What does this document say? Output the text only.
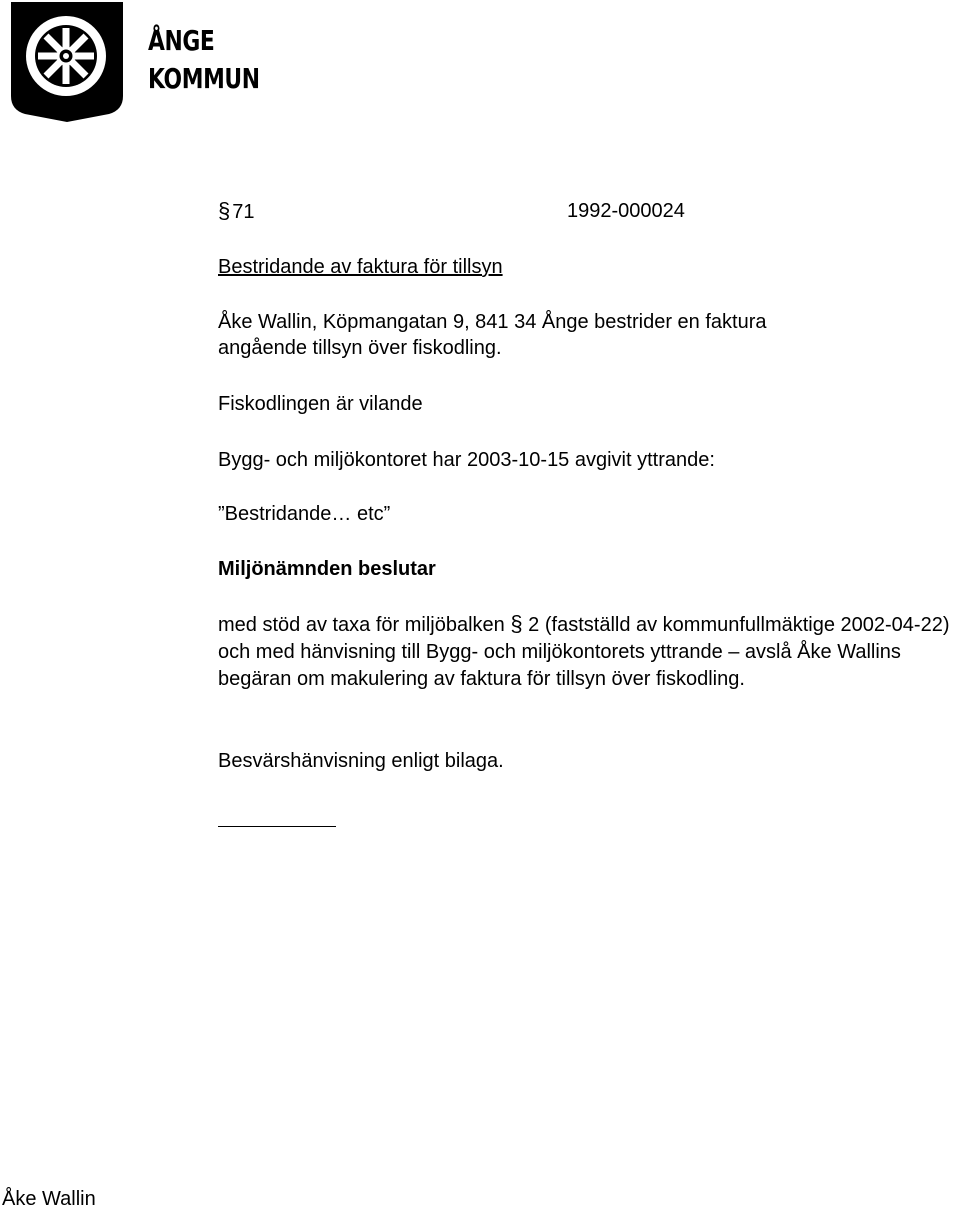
ÅNGE
KOMMUN
§ 71	1992-000024
Bestridande av faktura för tillsyn
Åke Wallin, Köpmangatan 9, 841 34 Ånge bestrider en faktura
angående tillsyn över fiskodling.
Fiskodlingen är vilande
Bygg- och miljökontoret har 2003-10-15 avgivit yttrande:
”Bestridande… etc”
Miljönämnden beslutar
med stöd av taxa för miljöbalken § 2 (fastställd av kommunfullmäktige 2002-04-22) och med hänvisning till Bygg- och miljökontorets yttrande – avslå Åke Wallins begäran om makulering av faktura för tillsyn över fiskodling.
Besvärshänvisning enligt bilaga.
Åke Wallin
